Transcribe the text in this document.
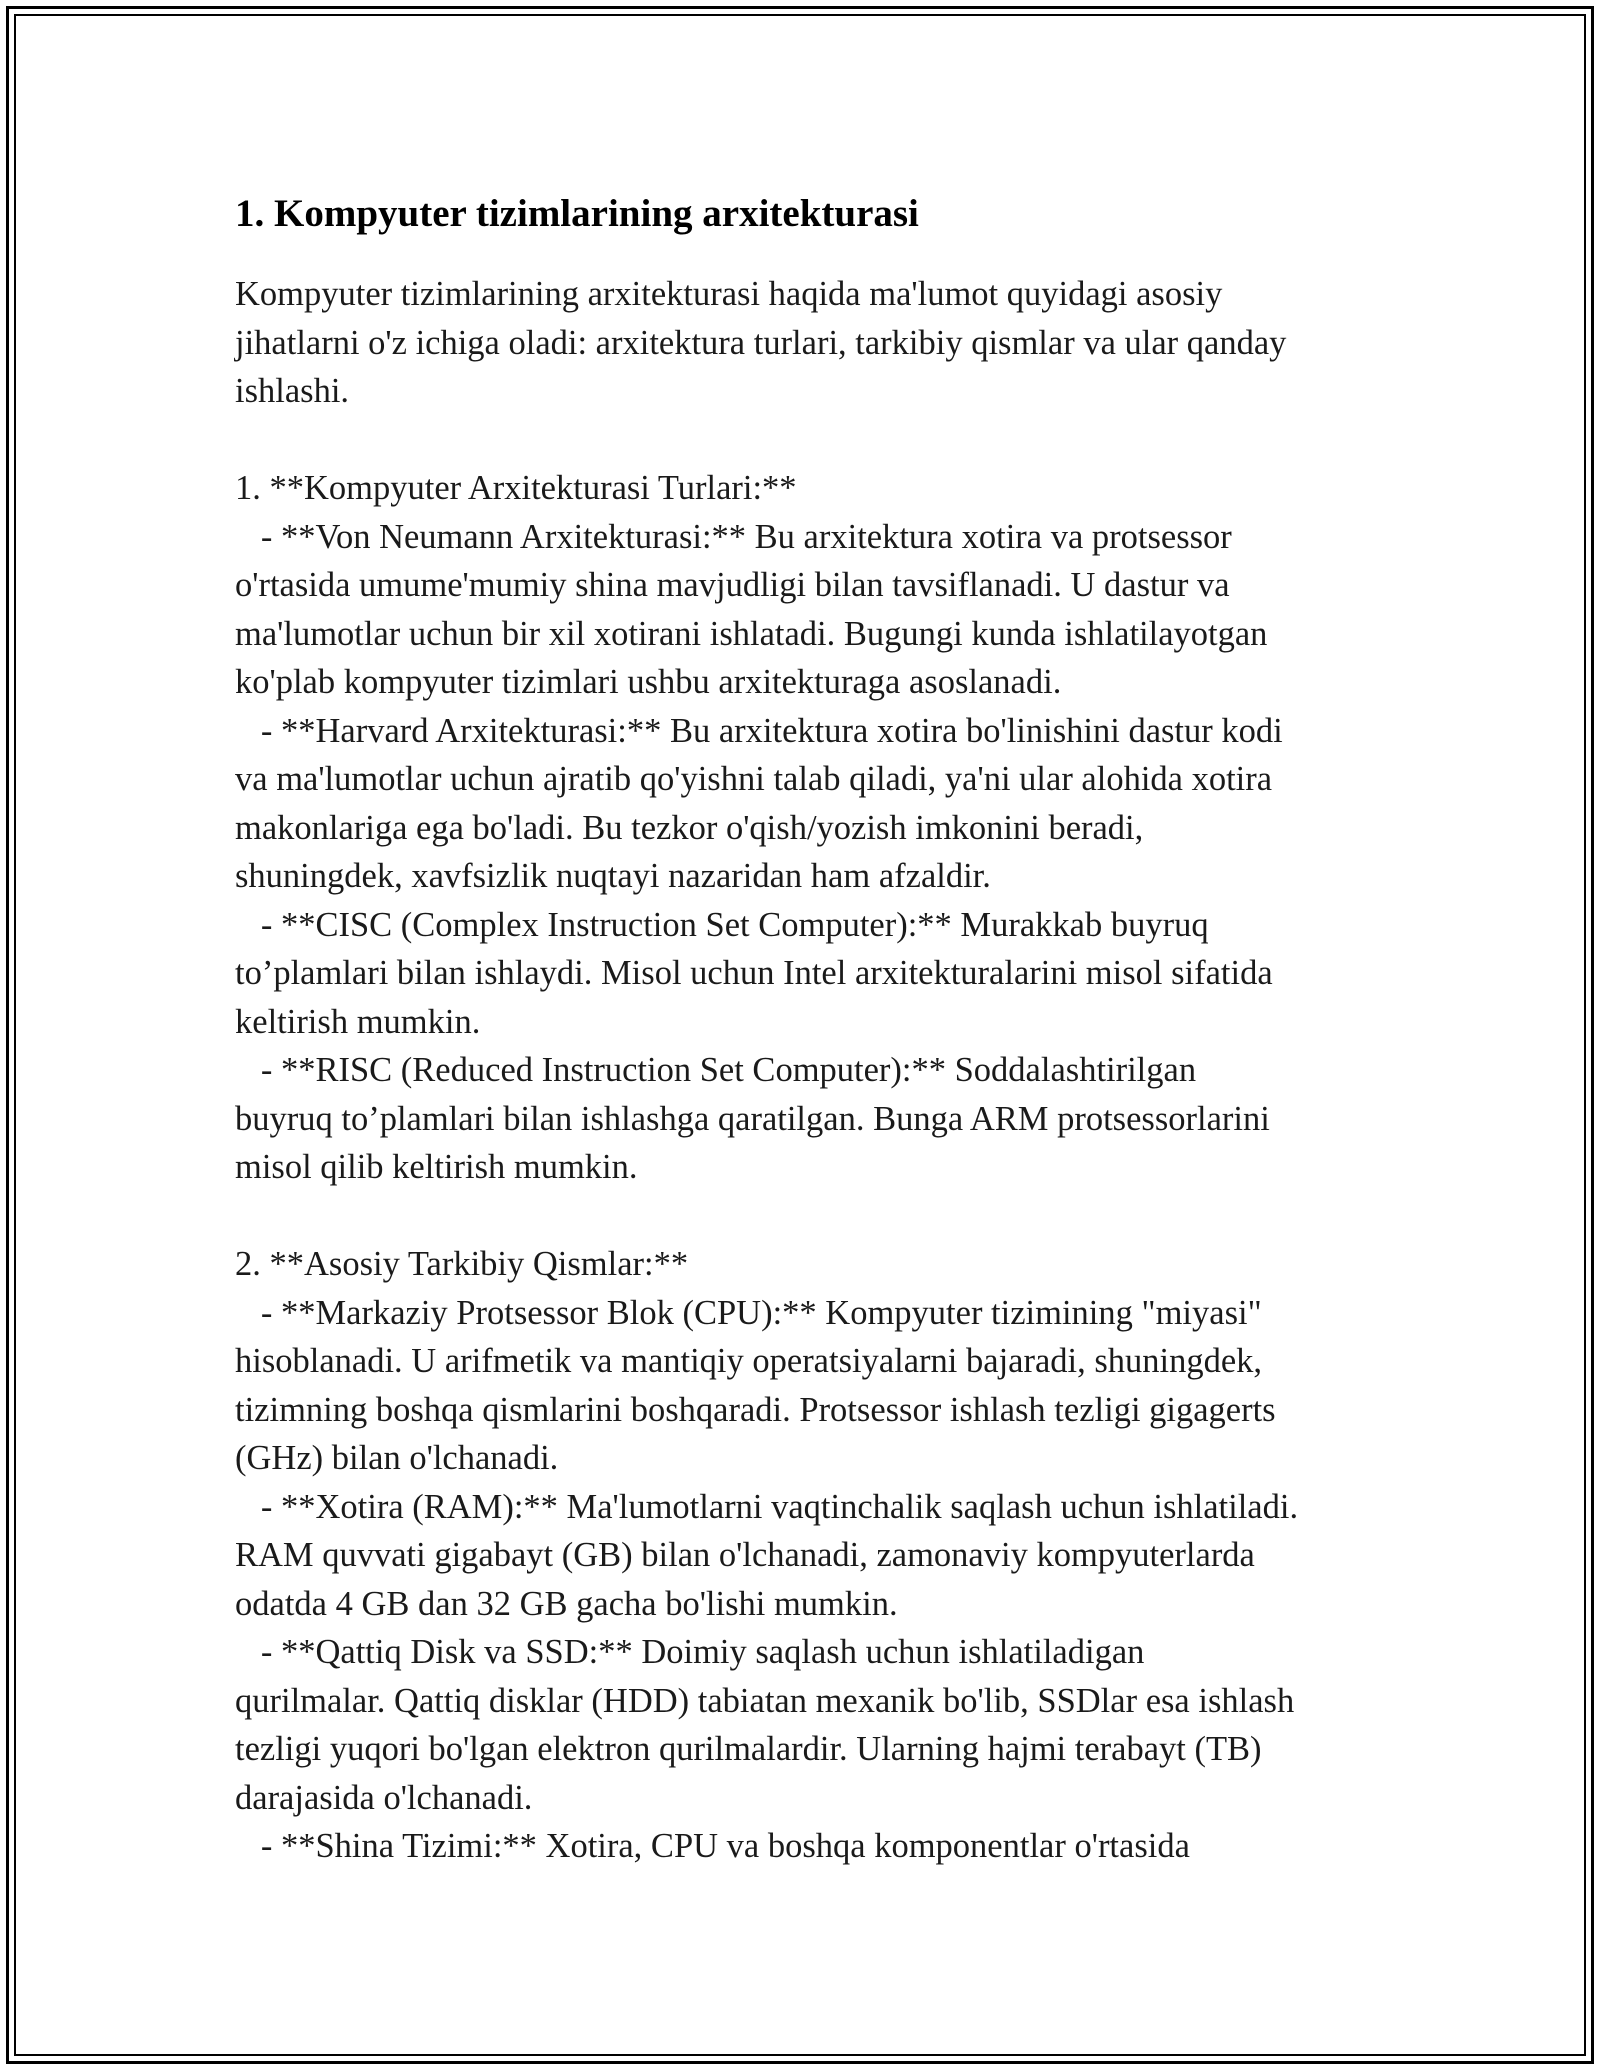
1. Kompyuter tizimlarining arxitekturasi

Kompyuter tizimlarining arxitekturasi haqida ma'lumot quyidagi asosiy
jihatlarni o'z ichiga oladi: arxitektura turlari, tarkibiy qismlar va ular qanday
ishlashi.

1. **Kompyuter Arxitekturasi Turlari:**
- **Von Neumann Arxitekturasi:** Bu arxitektura xotira va protsessor
o'rtasida umume'mumiy shina mavjudligi bilan tavsiflanadi. U dastur va
ma'lumotlar uchun bir xil xotirani ishlatadi. Bugungi kunda ishlatilayotgan
ko'plab kompyuter tizimlari ushbu arxitekturaga asoslanadi.
- **Harvard Arxitekturasi:** Bu arxitektura xotira bo'linishini dastur kodi
va ma'lumotlar uchun ajratib qo'yishni talab qiladi, ya'ni ular alohida xotira
makonlariga ega bo'ladi. Bu tezkor o'qish/yozish imkonini beradi,
shuningdek, xavfsizlik nuqtayi nazaridan ham afzaldir.
- **CISC (Complex Instruction Set Computer):** Murakkab buyruq
to’plamlari bilan ishlaydi. Misol uchun Intel arxitekturalarini misol sifatida
keltirish mumkin.
- **RISC (Reduced Instruction Set Computer):** Soddalashtirilgan
buyruq to’plamlari bilan ishlashga qaratilgan. Bunga ARM protsessorlarini
misol qilib keltirish mumkin.

2. **Asosiy Tarkibiy Qismlar:**
- **Markaziy Protsessor Blok (CPU):** Kompyuter tizimining "miyasi"
hisoblanadi. U arifmetik va mantiqiy operatsiyalarni bajaradi, shuningdek,
tizimning boshqa qismlarini boshqaradi. Protsessor ishlash tezligi gigagerts
(GHz) bilan o'lchanadi.
- **Xotira (RAM):** Ma'lumotlarni vaqtinchalik saqlash uchun ishlatiladi.
RAM quvvati gigabayt (GB) bilan o'lchanadi, zamonaviy kompyuterlarda
odatda 4 GB dan 32 GB gacha bo'lishi mumkin.
- **Qattiq Disk va SSD:** Doimiy saqlash uchun ishlatiladigan
qurilmalar. Qattiq disklar (HDD) tabiatan mexanik bo'lib, SSDlar esa ishlash
tezligi yuqori bo'lgan elektron qurilmalardir. Ularning hajmi terabayt (TB)
darajasida o'lchanadi.
- **Shina Tizimi:** Xotira, CPU va boshqa komponentlar o'rtasida
